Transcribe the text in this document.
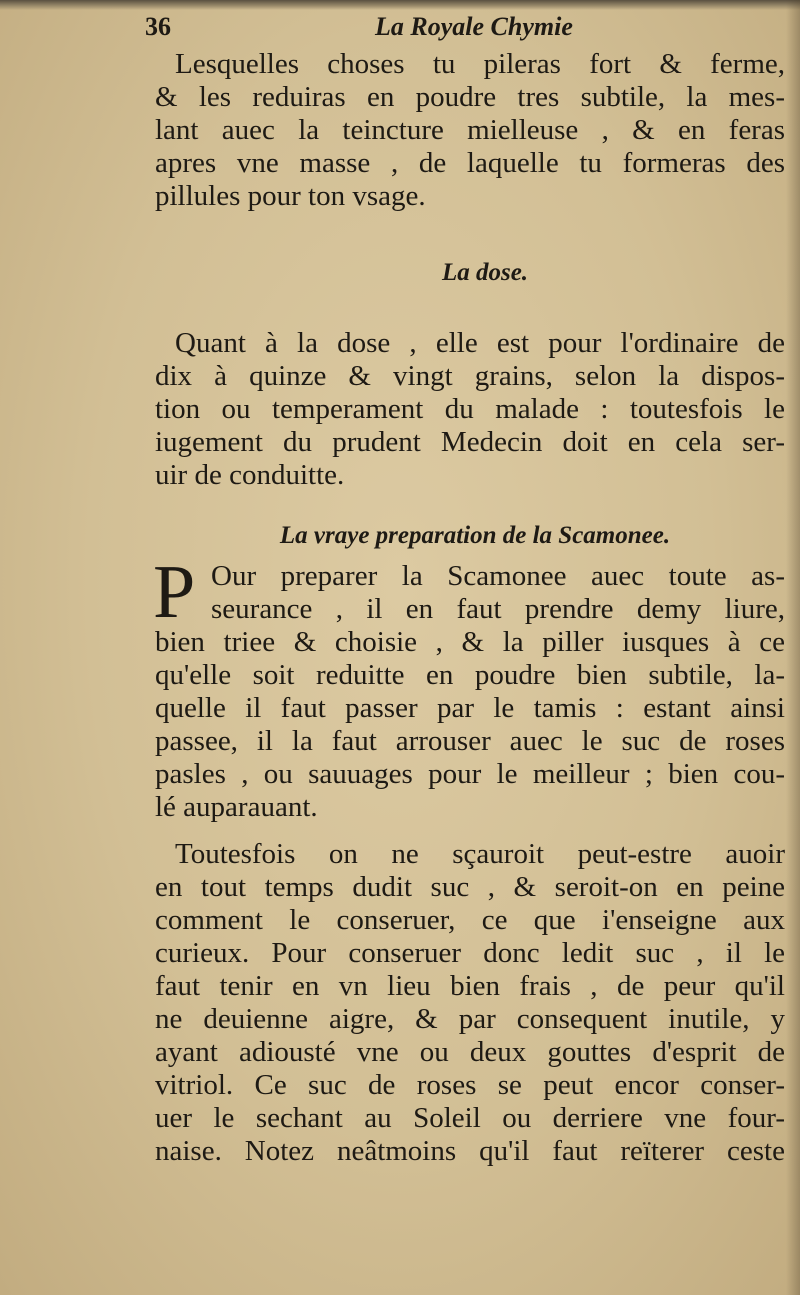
36	La Royale Chymie
Lesquelles choses tu pileras fort & ferme,
& les reduiras en poudre tres subtile, la mes-
lant auec la teincture mielleuse , & en feras
apres vne masse , de laquelle tu formeras des
pillules pour ton vsage.
La dose.
Quant à la dose , elle est pour l'ordinaire de
dix à quinze & vingt grains, selon la dispos-
tion ou temperament du malade : toutesfois le
iugement du prudent Medecin doit en cela ser-
uir de conduitte.
La vraye preparation de la Scamonee.
P Our preparer la Scamonee auec toute as-
seurance , il en faut prendre demy liure,
bien triee & choisie , & la piller iusques à ce
qu'elle soit reduitte en poudre bien subtile, la-
quelle il faut passer par le tamis : estant ainsi
passee, il la faut arrouser auec le suc de roses
pasles , ou sauuages pour le meilleur ; bien cou-
lé auparauant.
Toutesfois on ne sçauroit peut-estre auoir
en tout temps dudit suc , & seroit-on en peine
comment le conseruer, ce que i'enseigne aux
curieux. Pour conseruer donc ledit suc , il le
faut tenir en vn lieu bien frais , de peur qu'il
ne deuienne aigre, & par consequent inutile, y
ayant adiousté vne ou deux gouttes d'esprit de
vitriol. Ce suc de roses se peut encor conser-
uer le sechant au Soleil ou derriere vne four-
naise. Notez neâtmoins qu'il faut reïterer ceste
